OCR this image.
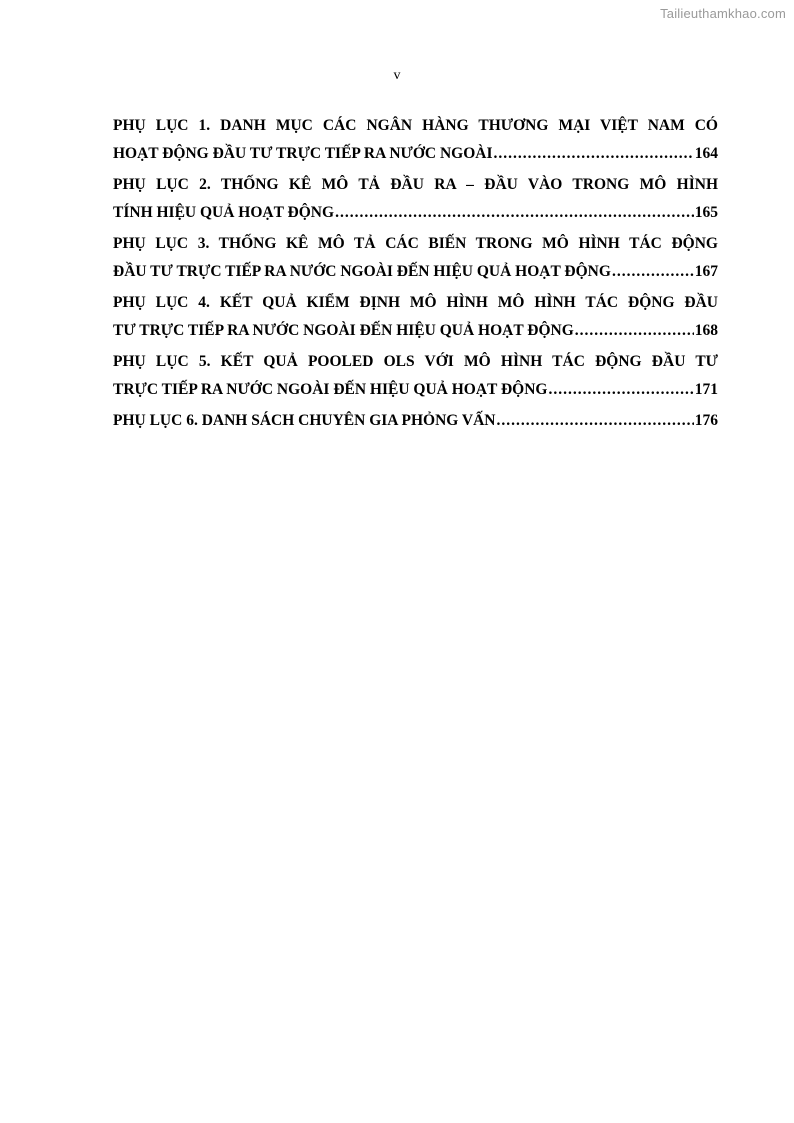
Tailieuthamkhao.com
v
PHỤ LỤC 1. DANH MỤC CÁC NGÂN HÀNG THƯƠNG MẠI VIỆT NAM CÓ
HOẠT ĐỘNG ĐẦU TƯ TRỰC TIẾP RA NƯỚC NGOÀI .....	164
PHỤ LỤC 2. THỐNG KÊ MÔ TẢ ĐẦU RA – ĐẦU VÀO TRONG MÔ HÌNH
TÍNH HIỆU QUẢ HOẠT ĐỘNG .....	165
PHỤ LỤC 3. THỐNG KÊ MÔ TẢ CÁC BIẾN TRONG MÔ HÌNH TÁC ĐỘNG
ĐẦU TƯ TRỰC TIẾP RA NƯỚC NGOÀI ĐẾN HIỆU QUẢ HOẠT ĐỘNG .....	167
PHỤ LỤC 4. KẾT QUẢ KIỂM ĐỊNH MÔ HÌNH MÔ HÌNH TÁC ĐỘNG ĐẦU
TƯ TRỰC TIẾP RA NƯỚC NGOÀI ĐẾN HIỆU QUẢ HOẠT ĐỘNG .....	168
PHỤ LỤC 5. KẾT QUẢ POOLED OLS VỚI MÔ HÌNH TÁC ĐỘNG ĐẦU TƯ
TRỰC TIẾP RA NƯỚC NGOÀI ĐẾN HIỆU QUẢ HOẠT ĐỘNG .....	171
PHỤ LỤC 6. DANH SÁCH CHUYÊN GIA PHỎNG VẤN .....	176
